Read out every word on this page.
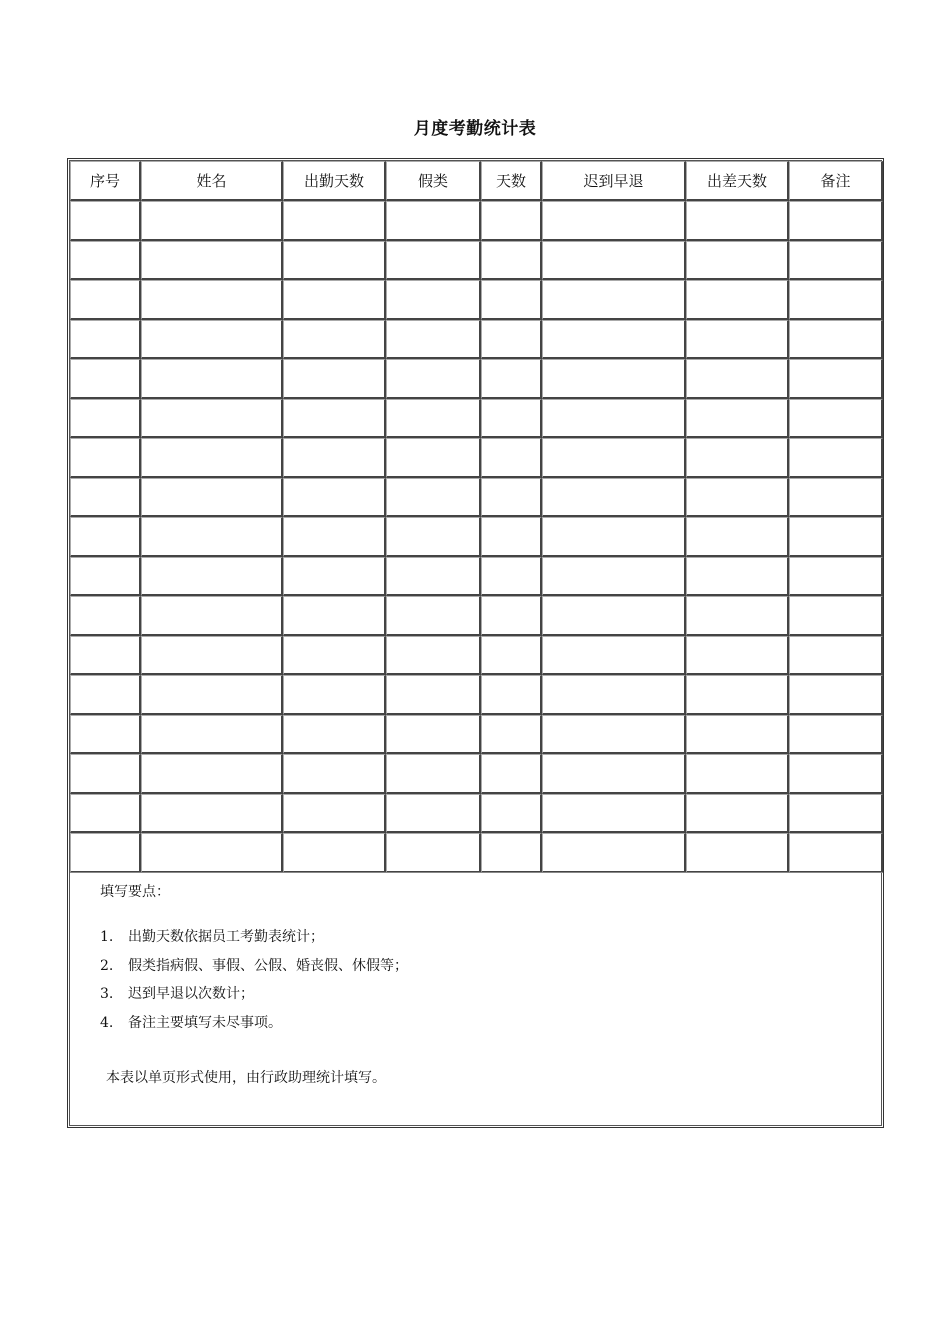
月度考勤统计表
序号	姓名	出勤天数	假类	天数	迟到早退	出差天数	备注

填写要点：
1. 出勤天数依据员工考勤表统计；
2. 假类指病假、事假、公假、婚丧假、休假等；
3. 迟到早退以次数计；
4. 备注主要填写未尽事项。
本表以单页形式使用，由行政助理统计填写。
